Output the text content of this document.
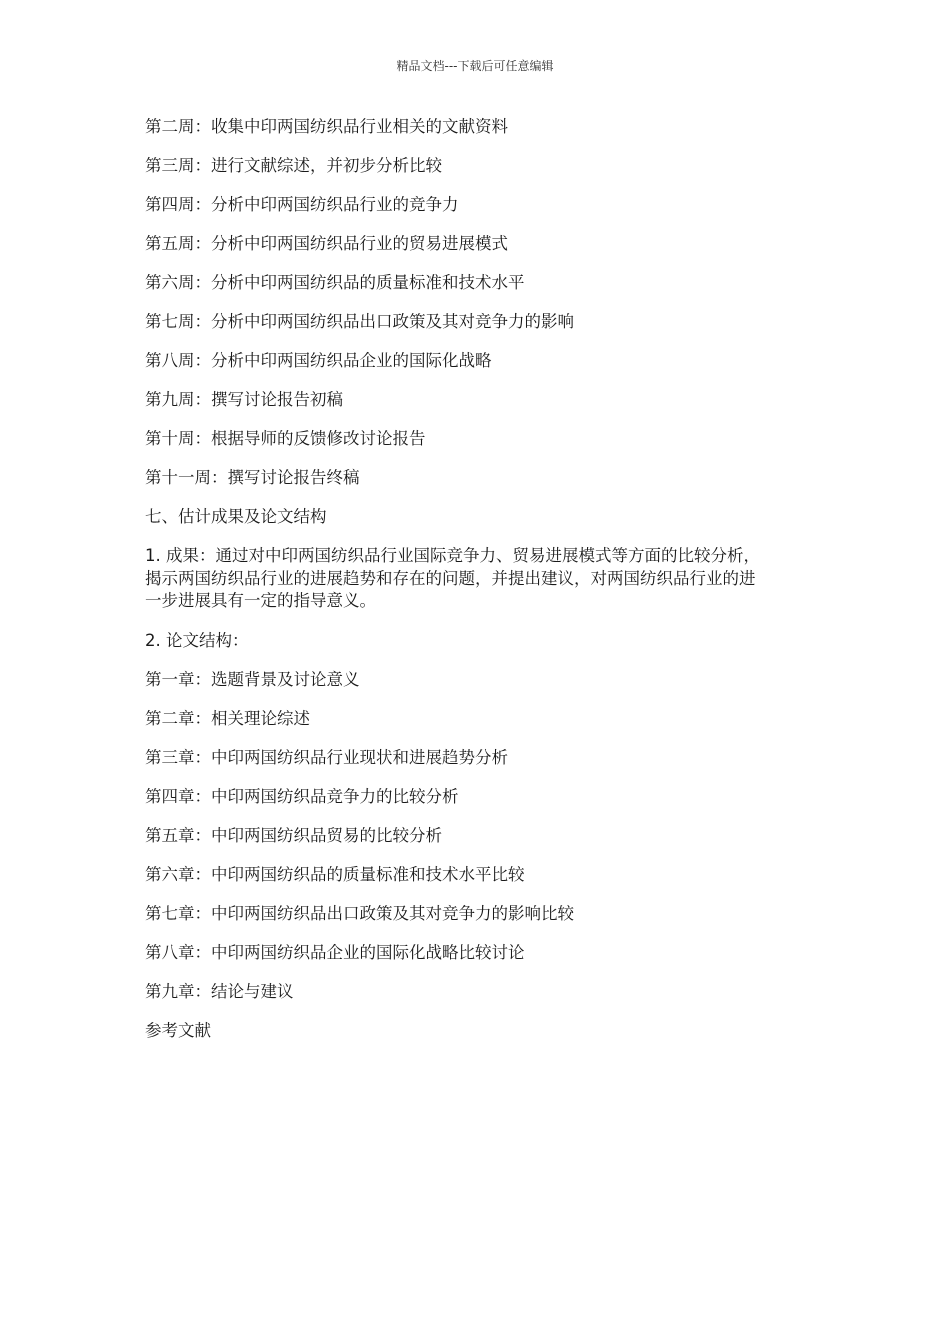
精品文档---下载后可任意编辑
第二周：收集中印两国纺织品行业相关的文献资料
第三周：进行文献综述，并初步分析比较
第四周：分析中印两国纺织品行业的竞争力
第五周：分析中印两国纺织品行业的贸易进展模式
第六周：分析中印两国纺织品的质量标准和技术水平
第七周：分析中印两国纺织品出口政策及其对竞争力的影响
第八周：分析中印两国纺织品企业的国际化战略
第九周：撰写讨论报告初稿
第十周：根据导师的反馈修改讨论报告
第十一周：撰写讨论报告终稿
七、估计成果及论文结构
1. 成果：通过对中印两国纺织品行业国际竞争力、贸易进展模式等方面的比较分析，
揭示两国纺织品行业的进展趋势和存在的问题，并提出建议，对两国纺织品行业的进
一步进展具有一定的指导意义。
2. 论文结构：
第一章：选题背景及讨论意义
第二章：相关理论综述
第三章：中印两国纺织品行业现状和进展趋势分析
第四章：中印两国纺织品竞争力的比较分析
第五章：中印两国纺织品贸易的比较分析
第六章：中印两国纺织品的质量标准和技术水平比较
第七章：中印两国纺织品出口政策及其对竞争力的影响比较
第八章：中印两国纺织品企业的国际化战略比较讨论
第九章：结论与建议
参考文献
